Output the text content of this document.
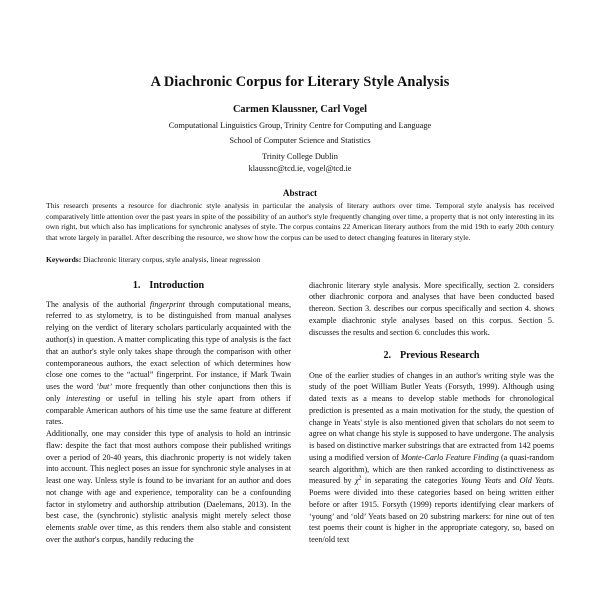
A Diachronic Corpus for Literary Style Analysis
Carmen Klaussner, Carl Vogel
Computational Linguistics Group, Trinity Centre for Computing and Language
School of Computer Science and Statistics
Trinity College Dublin
klaussnc@tcd.ie, vogel@tcd.ie
Abstract

This research presents a resource for diachronic style analysis in particular the analysis of literary authors over time. Temporal style analysis has received comparatively little attention over the past years in spite of the possibility of an author's style frequently changing over time, a property that is not only interesting in its own right, but which also has implications for synchronic analyses of style. The corpus contains 22 American literary authors from the mid 19th to early 20th century that wrote largely in parallel. After describing the resource, we show how the corpus can be used to detect changing features in literary style.

Keywords: Diachronic literary corpus, style analysis, linear regression
1. Introduction

The analysis of the authorial fingerprint through computational means, referred to as stylometry, is to be distinguished from manual analyses relying on the verdict of literary scholars particularly acquainted with the author(s) in question. A matter complicating this type of analysis is the fact that an author's style only takes shape through the comparison with other contemporaneous authors, the exact selection of which determines how close one comes to the “actual” fingerprint. For instance, if Mark Twain uses the word ‘but’ more frequently than other conjunctions then this is only interesting or useful in telling his style apart from others if comparable American authors of his time use the same feature at different rates.

Additionally, one may consider this type of analysis to hold an intrinsic flaw: despite the fact that most authors compose their published writings over a period of 20-40 years, this diachronic property is not widely taken into account. This neglect poses an issue for synchronic style analyses in at least one way. Unless style is found to be invariant for an author and does not change with age and experience, temporality can be a confounding factor in stylometry and authorship attribution (Daelemans, 2013). In the best case, the (synchronic) stylistic analysis might merely select those elements stable over time, as this renders them also stable and consistent over the author's corpus, handily reducing the

diachronic literary style analysis. More specifically, section 2. considers other diachronic corpora and analyses that have been conducted based thereon. Section 3. describes our corpus specifically and section 4. shows example diachronic style analyses based on this corpus. Section 5. discusses the results and section 6. concludes this work.

2. Previous Research

One of the earlier studies of changes in an author's writing style was the study of the poet William Butler Yeats (Forsyth, 1999). Although using dated texts as a means to develop stable methods for chronological prediction is presented as a main motivation for the study, the question of change in Yeats' style is also mentioned given that scholars do not seem to agree on what change his style is supposed to have undergone. The analysis is based on distinctive marker substrings that are extracted from 142 poems using a modified version of Monte-Carlo Feature Finding (a quasi-random search algorithm), which are then ranked according to distinctiveness as measured by $\chi^2$ in separating the categories Young Yeats and Old Yeats. Poems were divided into these categories based on being written either before or after 1915. Forsyth (1999) reports identifying clear markers of ‘young’ and ‘old’ Yeats based on 20 substring markers: for nine out of ten test poems their count is higher in the appropriate category, so, based on teen/old text
